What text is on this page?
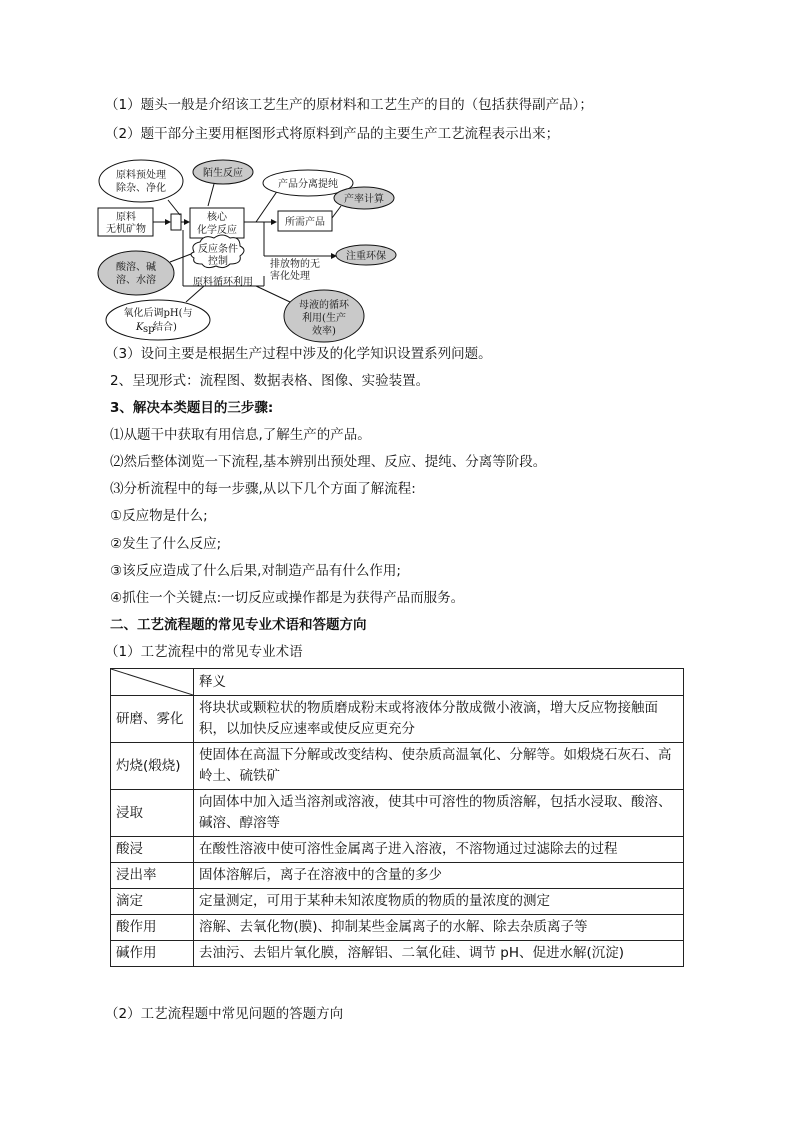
（1）题头一般是介绍该工艺生产的原材料和工艺生产的目的（包括获得副产品）；
（2）题干部分主要用框图形式将原料到产品的主要生产工艺流程表示出来；
原料预处理
除杂、净化
原料
无机矿物
陌生反应
核心
化学反应
产品分离提纯
所需产品
产率计算
注重环保
排放物的无
害化处理
反应条件
控制
原料循环利用
酸溶、碱
溶、水溶
氧化后调pH(与
K sp
结合)
母液的循环
利用(生产
效率)
（3）设问主要是根据生产过程中涉及的化学知识设置系列问题。
2、呈现形式：流程图、数据表格、图像、实验装置。
3、解决本类题目的三步骤:
⑴从题干中获取有用信息,了解生产的产品。
⑵然后整体浏览一下流程,基本辨别出预处理、反应、提纯、分离等阶段。
⑶分析流程中的每一步骤,从以下几个方面了解流程:
①反应物是什么;
②发生了什么反应;
③该反应造成了什么后果,对制造产品有什么作用;
④抓住一个关键点:一切反应或操作都是为获得产品而服务。
二、工艺流程题的常见专业术语和答题方向
（1）工艺流程中的常见专业术语
	释义
研磨、雾化	将块状或颗粒状的物质磨成粉末或将液体分散成微小液滴，增大反应物接触面积，以加快反应速率或使反应更充分
灼烧(煅烧)	使固体在高温下分解或改变结构、使杂质高温氧化、分解等。如煅烧石灰石、高岭土、硫铁矿
浸取	向固体中加入适当溶剂或溶液，使其中可溶性的物质溶解，包括水浸取、酸溶、碱溶、醇溶等
酸浸	在酸性溶液中使可溶性金属离子进入溶液，不溶物通过过滤除去的过程
浸出率	固体溶解后，离子在溶液中的含量的多少
滴定	定量测定，可用于某种未知浓度物质的物质的量浓度的测定
酸作用	溶解、去氧化物(膜)、抑制某些金属离子的水解、除去杂质离子等
碱作用	去油污、去铝片氧化膜，溶解铝、二氧化硅、调节 pH、促进水解(沉淀)
（2）工艺流程题中常见问题的答题方向
